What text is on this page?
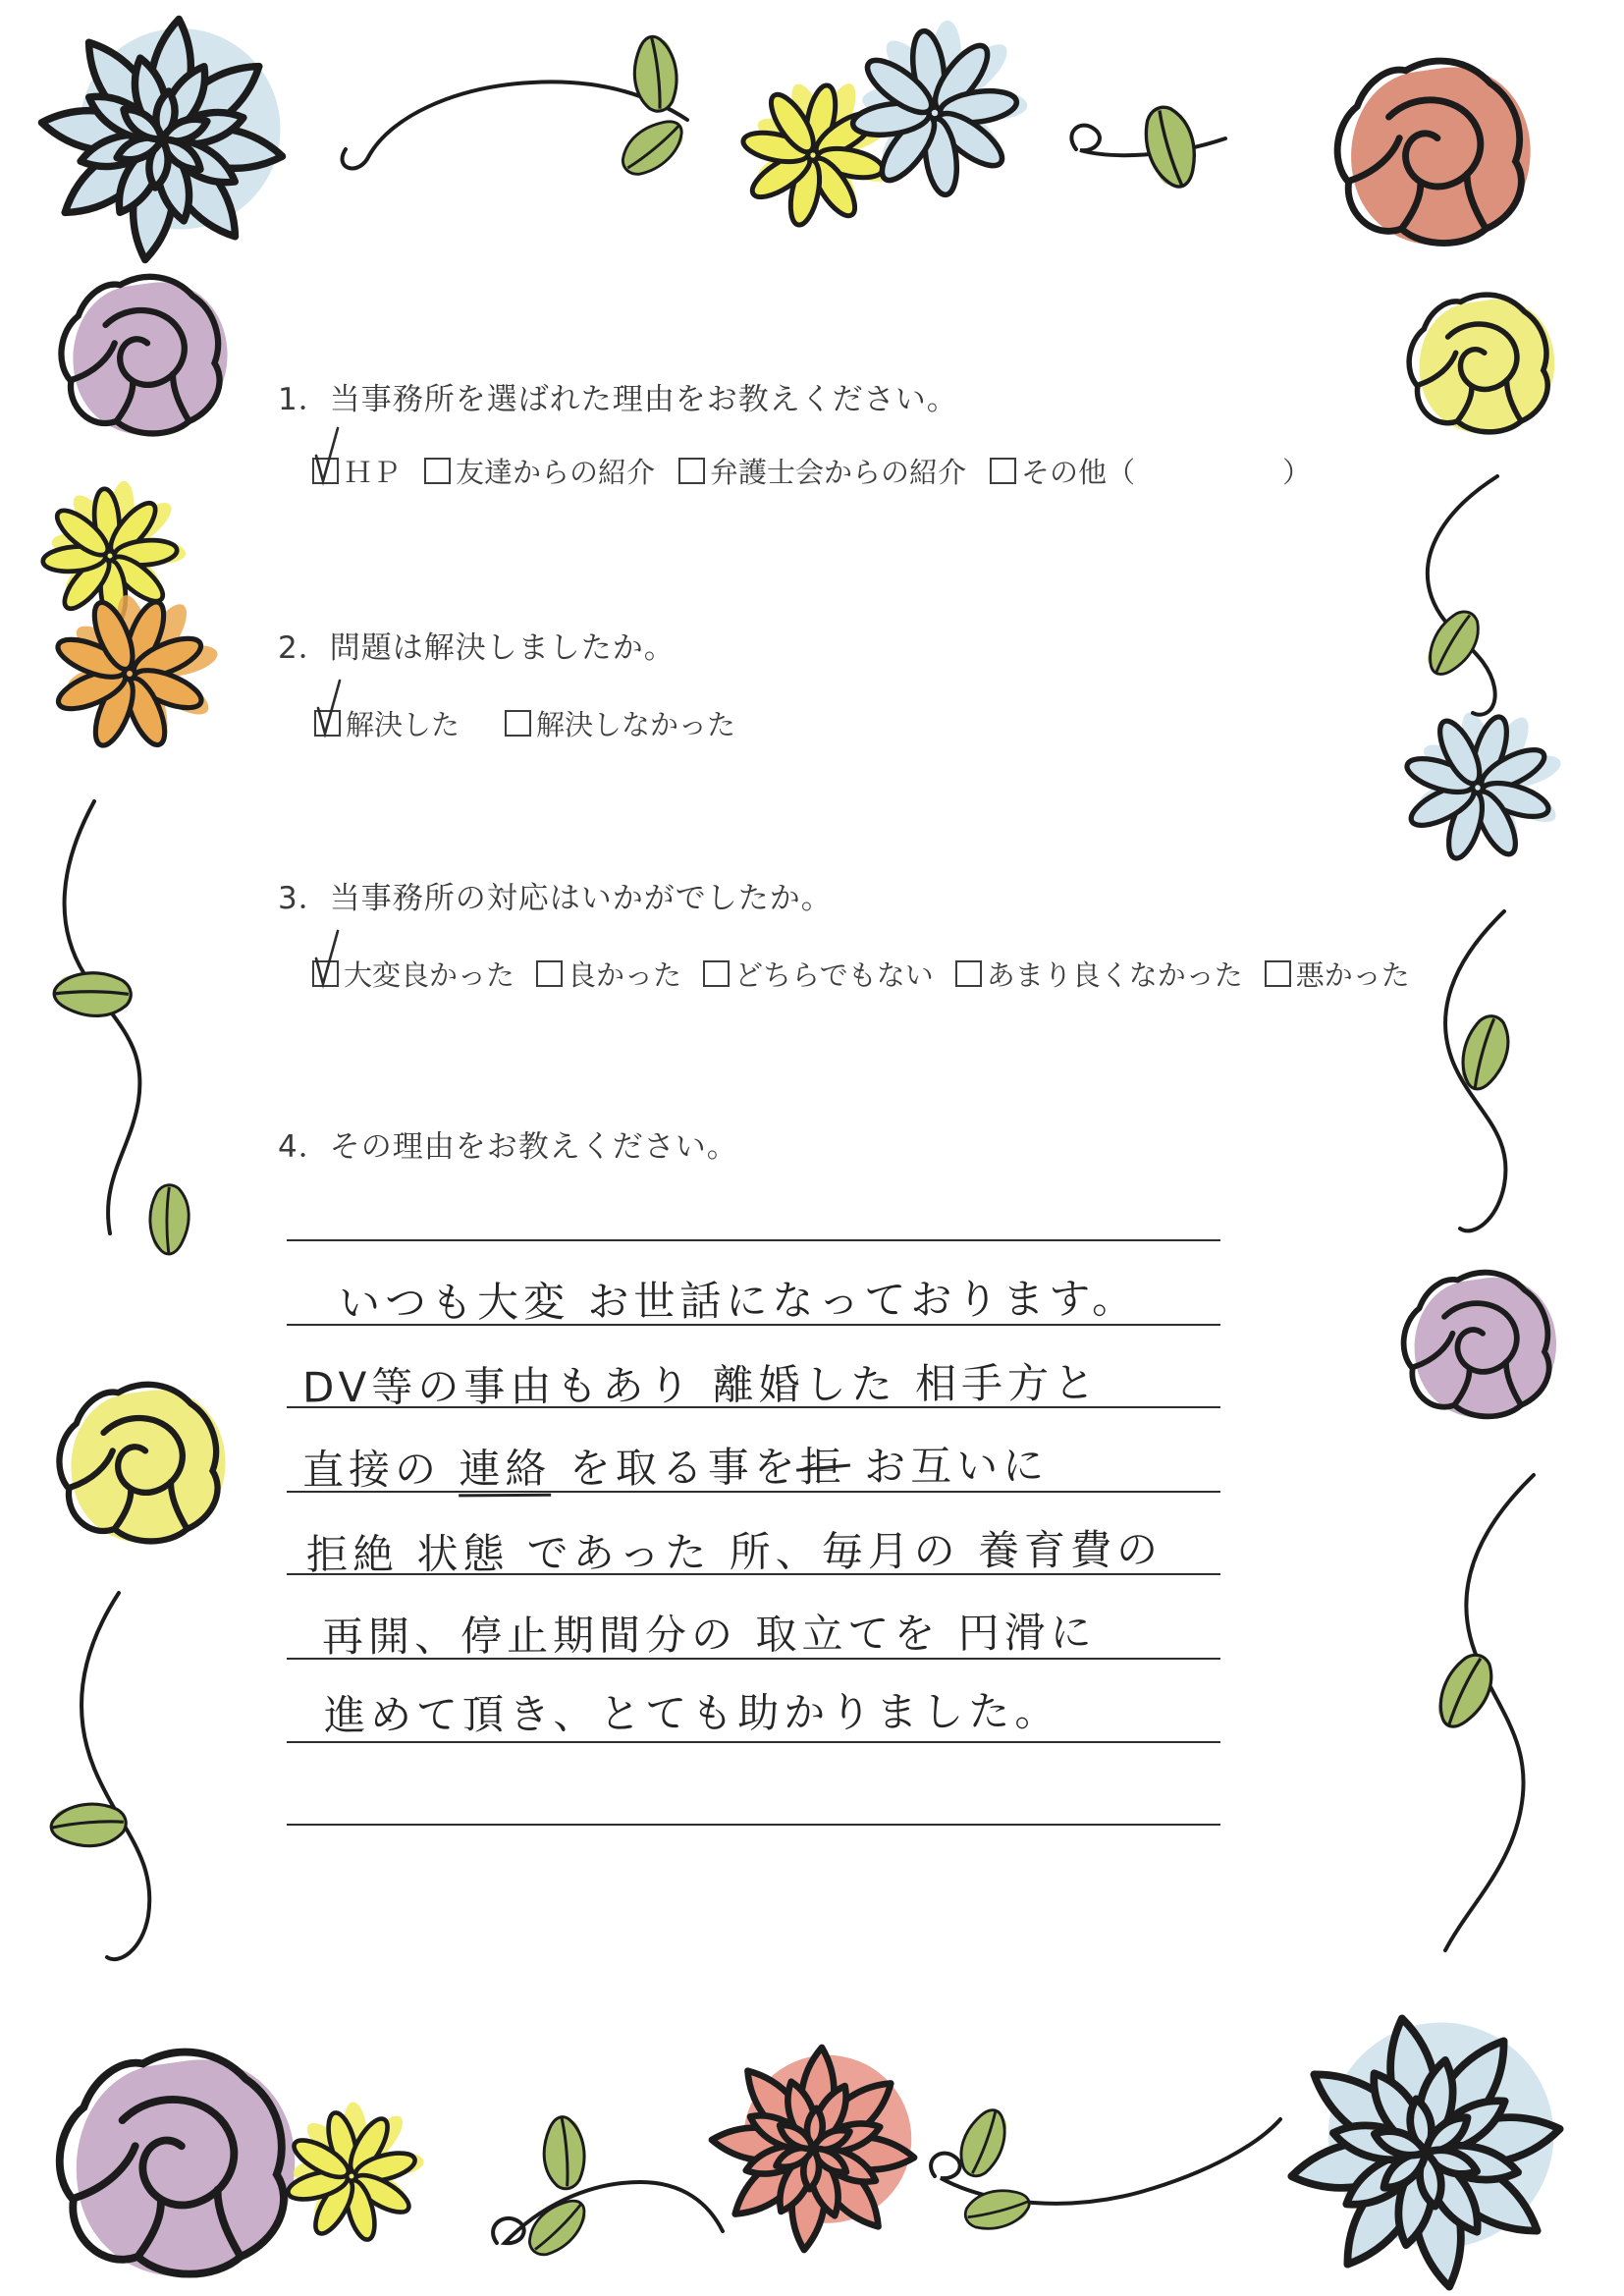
1．当事務所を選ばれた理由をお教えください。
ＨＰ 友達からの紹介 弁護士会からの紹介 その他（	）
2．問題は解決しましたか。
解決した	解決しなかった
3．当事務所の対応はいかがでしたか。
大変良かった 良かった どちらでもない あまり良くなかった 悪かった
4．その理由をお教えください。
いつも大変 お世話になっております。
DV等の事由もあり 離婚した 相手方と
直接の 連絡 を取る事を拒 お互いに
拒絶 状態 であった 所、毎月の 養育費の
再開、停止期間分の 取立てを 円滑に
進めて頂き、とても助かりました。
